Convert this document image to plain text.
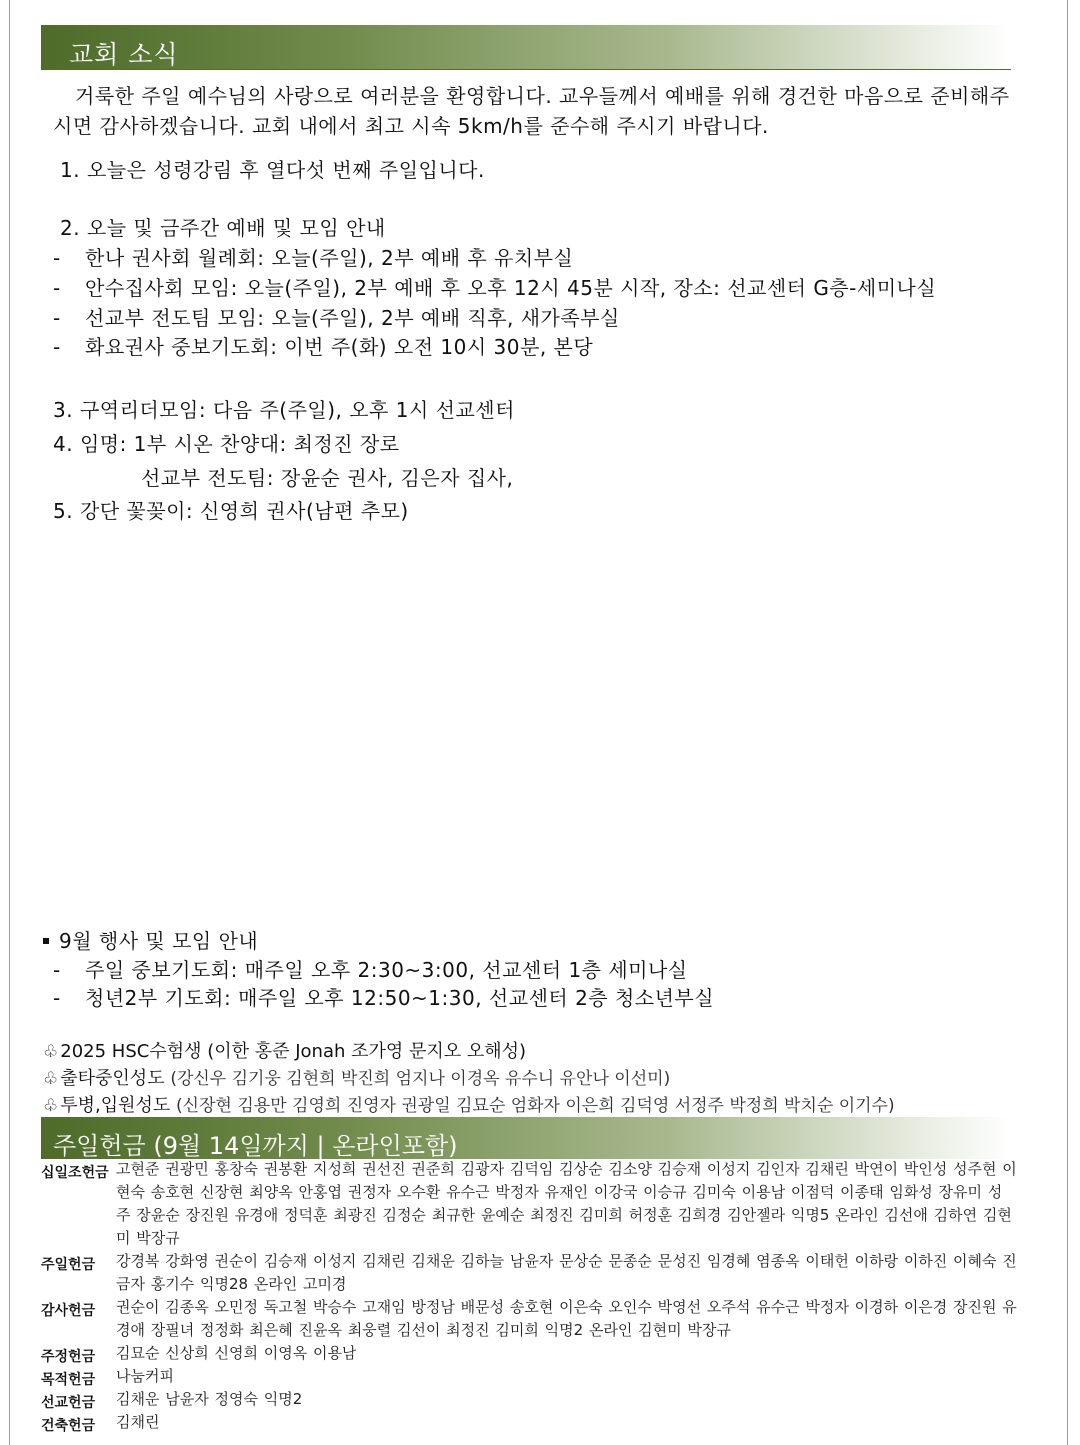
교회 소식
거룩한 주일 예수님의 사랑으로 여러분을 환영합니다. 교우들께서 예배를 위해 경건한 마음으로 준비해주시면 감사하겠습니다. 교회 내에서 최고 시속 5km/h를 준수해 주시기 바랍니다.
1. 오늘은 성령강림 후 열다섯 번째 주일입니다.
2. 오늘 및 금주간 예배 및 모임 안내
- 한나 권사회 월례회: 오늘(주일), 2부 예배 후 유치부실
- 안수집사회 모임: 오늘(주일), 2부 예배 후 오후 12시 45분 시작, 장소: 선교센터 G층-세미나실
- 선교부 전도팀 모임: 오늘(주일), 2부 예배 직후, 새가족부실
- 화요권사 중보기도회: 이번 주(화) 오전 10시 30분, 본당
3. 구역리더모임: 다음 주(주일), 오후 1시 선교센터
4. 임명: 1부 시온 찬양대: 최정진 장로
선교부 전도팀: 장윤순 권사, 김은자 집사,
5. 강단 꽃꽂이: 신영희 권사(남편 추모)
9월 행사 및 모임 안내
- 주일 중보기도회: 매주일 오후 2:30~3:00, 선교센터 1층 세미나실
- 청년2부 기도회: 매주일 오후 12:50~1:30, 선교센터 2층 청소년부실
♧ 2025 HSC수험생 (이한 홍준 Jonah 조가영 문지오 오해성)
♧ 출타중인성도 (강신우 김기웅 김현희 박진희 엄지나 이경옥 유수니 유안나 이선미)
♧ 투병,입원성도 (신장현 김용만 김영희 진영자 권광일 김묘순 엄화자 이은희 김덕영 서정주 박정희 박치순 이기수)
주일헌금 (9월 14일까지 | 온라인포함)
십일조헌금 고현준 권광민 홍창숙 권봉환 지성희 권선진 권준희 김광자 김덕임 김상순 김소양 김승재 이성지 김인자 김채린 박연이 박인성 성주현 이현숙 송호현 신장현 최양옥 안홍엽 권정자 오수환 유수근 박정자 유재인 이강국 이승규 김미숙 이용남 이점덕 이종태 임화성 장유미 성 주 장윤순 장진원 유경애 정덕훈 최광진 김정순 최규한 윤예순 최정진 김미희 허정훈 김희경 김안젤라 익명5 온라인 김선애 김하연 김현미 박장규
주일헌금 강경복 강화영 권순이 김승재 이성지 김채린 김채운 김하늘 남윤자 문상순 문종순 문성진 임경혜 염종옥 이태헌 이하랑 이하진 이혜숙 진금자 홍기수 익명28 온라인 고미경
감사헌금 권순이 김종옥 오민정 독고철 박승수 고재임 방정남 배문성 송호현 이은숙 오인수 박영선 오주석 유수근 박정자 이경하 이은경 장진원 유경애 장필녀 정정화 최은혜 진윤옥 최웅렬 김선이 최정진 김미희 익명2 온라인 김현미 박장규
주정헌금 김묘순 신상희 신영희 이영옥 이용남
목적헌금 나눔커피
선교헌금 김채운 남윤자 정영숙 익명2
건축헌금 김채린
